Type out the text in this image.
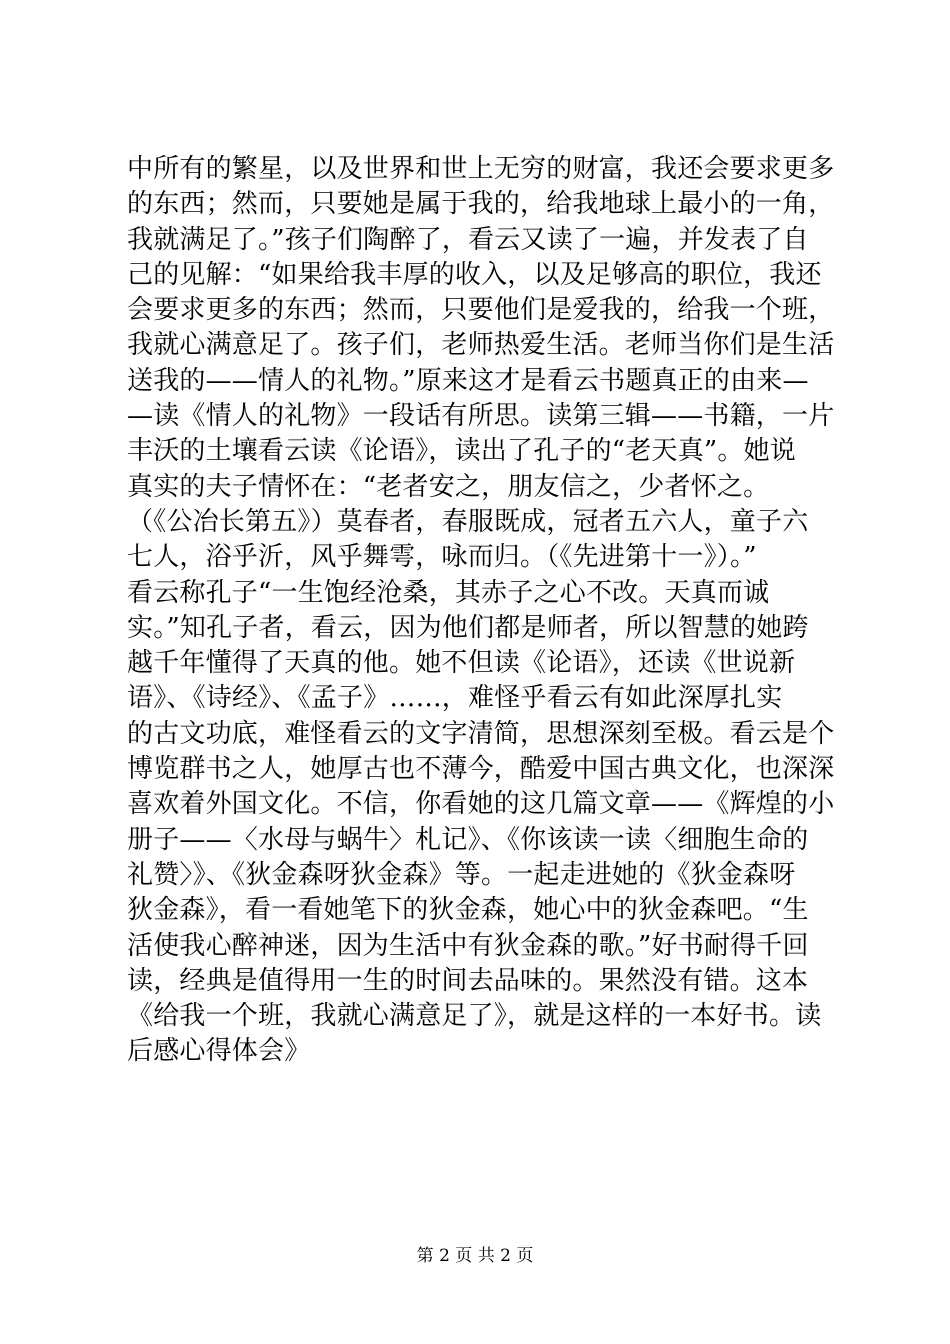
中所有的繁星，以及世界和世上无穷的财富，我还会要求更多
的东西；然而，只要她是属于我的，给我地球上最小的一角，
我就满足了。”孩子们陶醉了，看云又读了一遍，并发表了自
己的见解：“如果给我丰厚的收入，以及足够高的职位，我还
会要求更多的东西；然而，只要他们是爱我的，给我一个班，
我就心满意足了。孩子们，老师热爱生活。老师当你们是生活
送我的——情人的礼物。”原来这才是看云书题真正的由来—
—读《情人的礼物》一段话有所思。读第三辑——书籍，一片
丰沃的土壤看云读《论语》，读出了孔子的“老天真”。她说
真实的夫子情怀在：“老者安之，朋友信之，少者怀之。
（《公冶长第五》）莫春者，春服既成，冠者五六人，童子六
七人，浴乎沂，风乎舞雩，咏而归。（《先进第十一》）。”
看云称孔子“一生饱经沧桑，其赤子之心不改。天真而诚
实。”知孔子者，看云，因为他们都是师者，所以智慧的她跨
越千年懂得了天真的他。她不但读《论语》，还读《世说新
语》、《诗经》、《孟子》……，难怪乎看云有如此深厚扎实
的古文功底，难怪看云的文字清简，思想深刻至极。看云是个
博览群书之人，她厚古也不薄今，酷爱中国古典文化，也深深
喜欢着外国文化。不信，你看她的这几篇文章——《辉煌的小
册子——〈水母与蜗牛〉札记》、《你该读一读〈细胞生命的
礼赞〉》、《狄金森呀狄金森》等。一起走进她的《狄金森呀
狄金森》，看一看她笔下的狄金森，她心中的狄金森吧。“生
活使我心醉神迷，因为生活中有狄金森的歌。”好书耐得千回
读，经典是值得用一生的时间去品味的。果然没有错。这本
《给我一个班，我就心满意足了》，就是这样的一本好书。读
后感心得体会》
第 2 页 共 2 页
